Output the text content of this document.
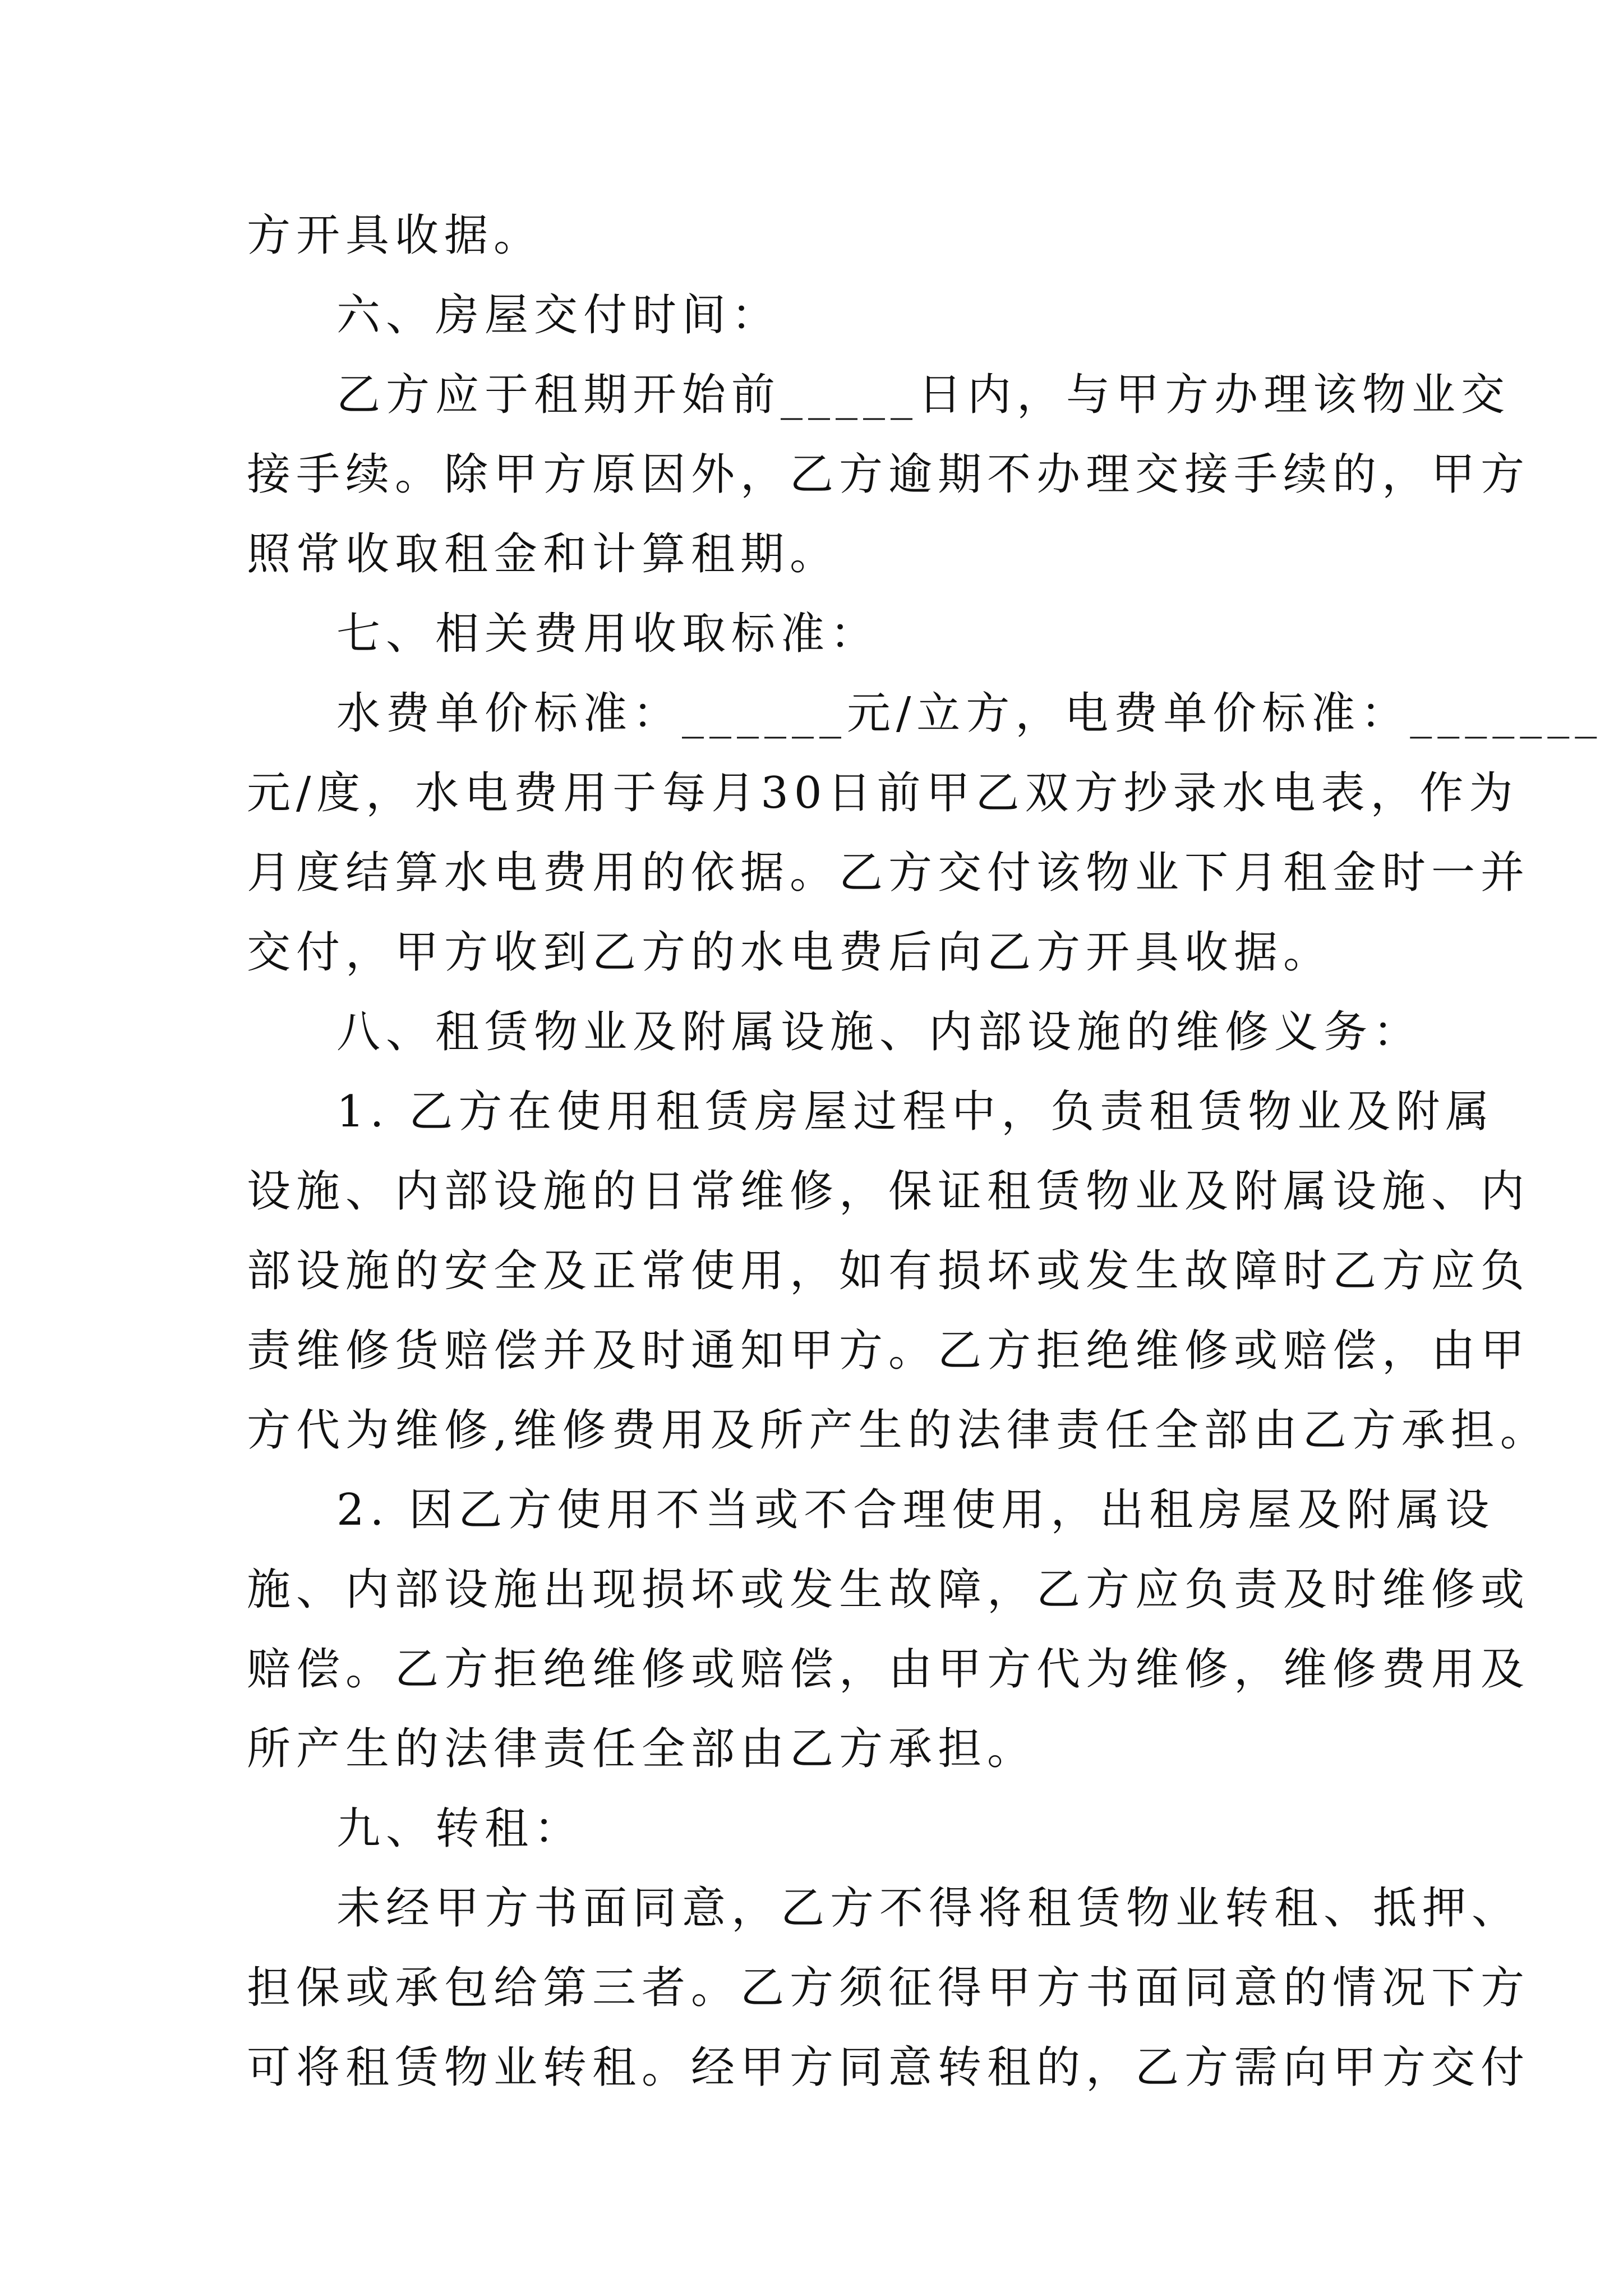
方开具收据。
六、房屋交付时间：
乙方应于租期开始前_____日内，与甲方办理该物业交
接手续。除甲方原因外，乙方逾期不办理交接手续的，甲方
照常收取租金和计算租期。
七、相关费用收取标准：
水费单价标准：______元/立方，电费单价标准：_______
元/度，水电费用于每月30日前甲乙双方抄录水电表，作为
月度结算水电费用的依据。乙方交付该物业下月租金时一并
交付，甲方收到乙方的水电费后向乙方开具收据。
八、租赁物业及附属设施、内部设施的维修义务：
1. 乙方在使用租赁房屋过程中，负责租赁物业及附属
设施、内部设施的日常维修，保证租赁物业及附属设施、内
部设施的安全及正常使用，如有损坏或发生故障时乙方应负
责维修货赔偿并及时通知甲方。乙方拒绝维修或赔偿，由甲
方代为维修,维修费用及所产生的法律责任全部由乙方承担。
2. 因乙方使用不当或不合理使用，出租房屋及附属设
施、内部设施出现损坏或发生故障，乙方应负责及时维修或
赔偿。乙方拒绝维修或赔偿，由甲方代为维修，维修费用及
所产生的法律责任全部由乙方承担。
九、转租：
未经甲方书面同意，乙方不得将租赁物业转租、抵押、
担保或承包给第三者。乙方须征得甲方书面同意的情况下方
可将租赁物业转租。经甲方同意转租的，乙方需向甲方交付
